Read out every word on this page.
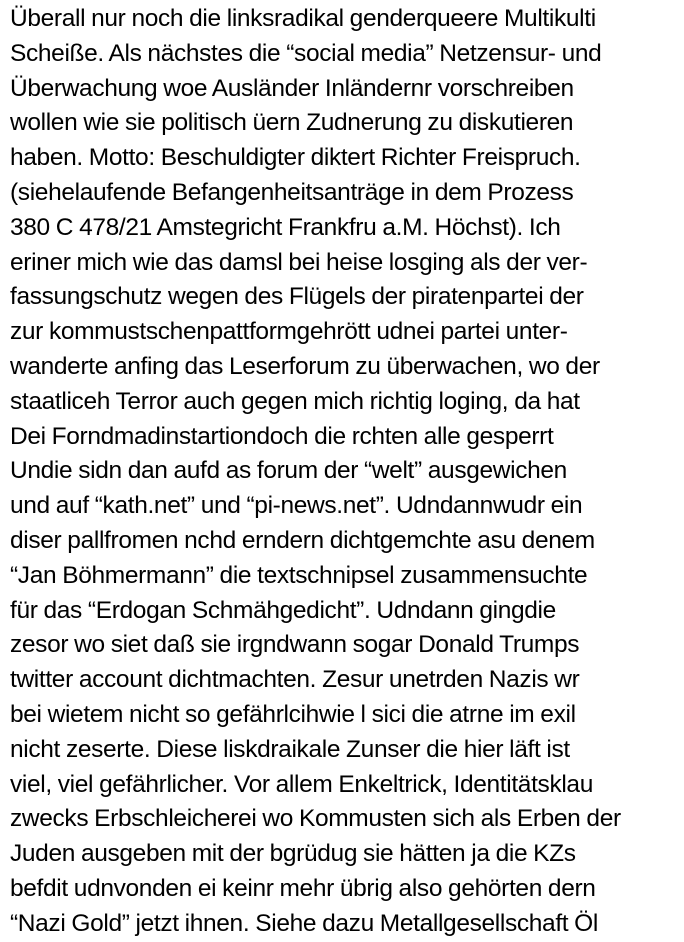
Überall nur noch die linksradikal genderqueere Multikulti
Scheiße. Als nächstes die “social media” Netzensur- und
Überwachung woe Ausländer Inländernr vorschreiben
wollen wie sie politisch üern Zudnerung zu diskutieren
haben. Motto: Beschuldigter diktert Richter Freispruch.
(siehelaufende Befangenheitsanträge in dem Prozess
380 C 478/21 Amstegricht Frankfru a.M. Höchst). Ich
eriner mich wie das damsl bei heise losging als der ver-
fassungschutz wegen des Flügels der piratenpartei der
zur kommustschenpattformgehrött udnei partei unter-
wanderte anfing das Leserforum zu überwachen, wo der
staatliceh Terror auch gegen mich richtig loging, da hat
Dei Forndmadinstartiondoch die rchten alle gesperrt
Undie sidn dan aufd as forum der “welt” ausgewichen
und auf “kath.net” und “pi-news.net”. Udndannwudr ein
diser pallfromen nchd erndern dichtgemchte asu denem
“Jan Böhmermann” die textschnipsel zusammensuchte
für das “Erdogan Schmähgedicht”. Udndann gingdie
zesor wo siet daß sie irgndwann sogar Donald Trumps
twitter account dichtmachten. Zesur unetrden Nazis wr
bei wietem nicht so gefährlcihwie l sici die atrne im exil
nicht zeserte. Diese liskdraikale Zunser die hier läft ist
viel, viel gefährlicher. Vor allem Enkeltrick, Identitätsklau
zwecks Erbschleicherei wo Kommusten sich als Erben der
Juden ausgeben mit der bgrüdug sie hätten ja die KZs
befdit udnvonden ei keinr mehr übrig also gehörten dern
“Nazi Gold” jetzt ihnen. Siehe dazu Metallgesellschaft Öl
